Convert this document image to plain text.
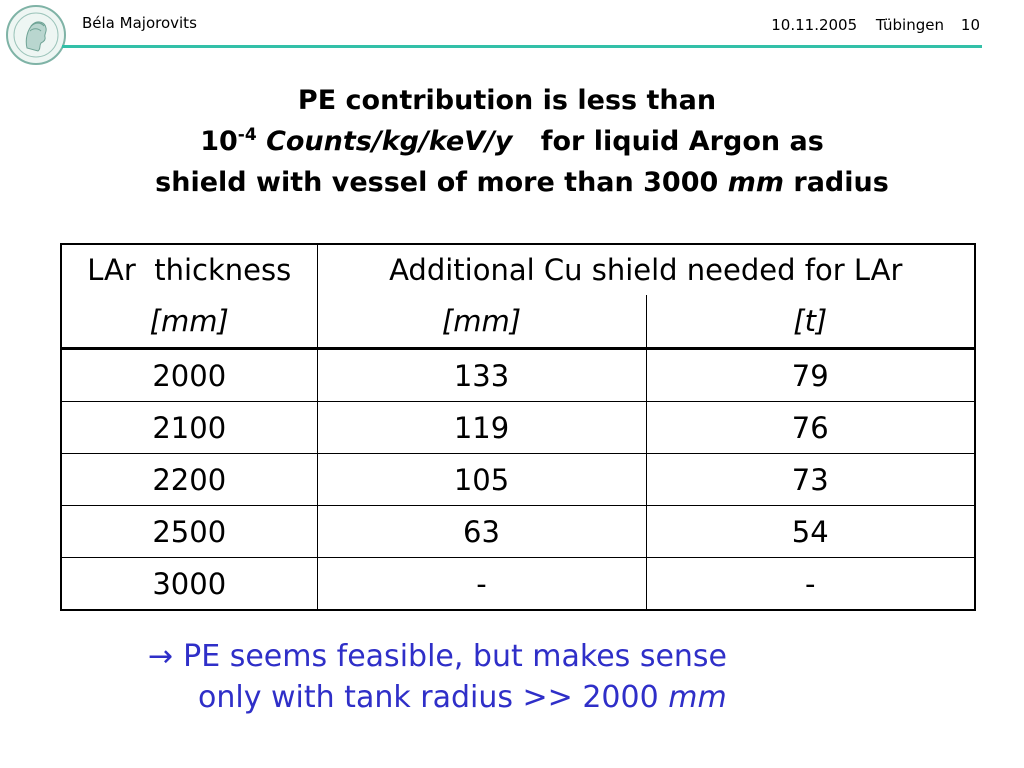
Béla Majorovits	10.11.2005 Tübingen 10
PE contribution is less than
$10^{-4}$ Counts/kg/keV/y for liquid Argon as
shield with vessel of more than 3000 mm radius
LAr  thickness	Additional Cu shield needed for LAr	
[mm]	[mm]	[t]
2000	133	79
2100	119	76
2200	105	73
2500	63	54
3000	-	-
→ PE seems feasible, but makes sense
only with tank radius >> 2000 mm
